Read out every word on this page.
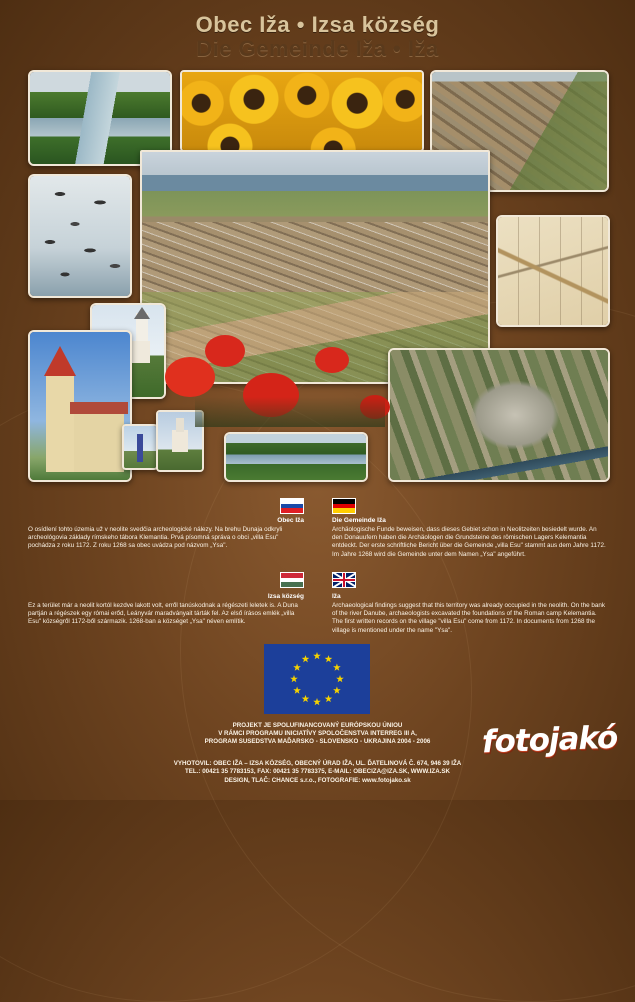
Obec Iža • Izsa község
Die Gemeinde Iža • Iža
Obec Iža
O osídlení tohto územia už v neolite svedčia archeologické nálezy. Na brehu Dunaja odkryli archeológovia základy rímskeho tábora Klemantia. Prvá písomná správa o obci „villa Esu" pochádza z roku 1172. Z roku 1268 sa obec uvádza pod názvom „Ysa".
Die Gemeinde Iža
Archäologische Funde beweisen, dass dieses Gebiet schon in Neolitzeiten besiedelt wurde. An den Donauufern haben die Archäologen die Grundsteine des römischen Lagers Kelemantia entdeckt. Der erste schriftliche Bericht über die Gemeinde „villa Esu" stammt aus dem Jahre 1172. Im Jahre 1268 wird die Gemeinde unter dem Namen „Ysa" angeführt.
Izsa község
Ez a terület már a neolit kortól kezdve lakott volt, erről tanúskodnak a régészeti leletek is. A Duna partján a régészek egy római erőd, Leányvár maradványait tárták fel. Az első írásos emlék „villa Esu" községről 1172-ből származik. 1268-ban a községet „Ysa" néven említik.
Iža
Archaeological findings suggest that this territory was already occupied in the neolith. On the bank of the river Danube, archaeologists excavated the foundations of the Roman camp Kelemantia. The first written records on the village "villa Esu" come from 1172. In documents from 1268 the village is mentioned under the name "Ysa".
PROJEKT JE SPOLUFINANCOVANÝ EURÓPSKOU ÚNIOU
V RÁMCI PROGRAMU INICIATÍVY SPOLOČENSTVA INTERREG III A,
PROGRAM SUSEDSTVA MAĎARSKO - SLOVENSKO - UKRAJINA 2004 - 2006
VYHOTOVIL: OBEC IŽA – IZSA KÖZSÉG, OBECNÝ ÚRAD IŽA, UL. ĎATELINOVÁ Č. 674, 946 39 IŽA
TEL.: 00421 35 7783153, FAX: 00421 35 7783375, E-MAIL: OBECIZA@IZA.SK, WWW.IZA.SK
DESIGN, TLAČ: CHANCE s.r.o., FOTOGRAFIE: www.fotojako.sk
fotojakó
